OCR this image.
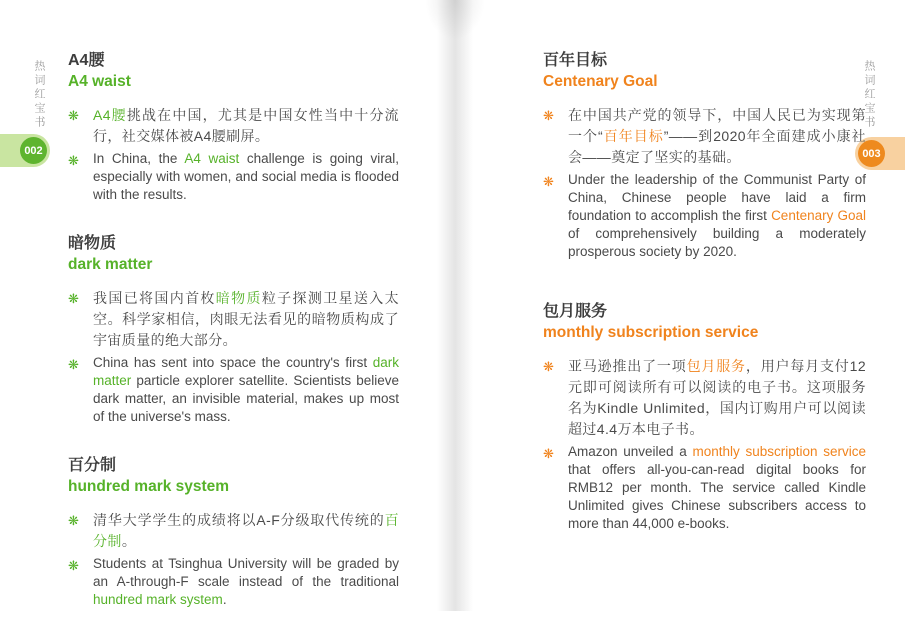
热词红宝书	热词红宝书
002	003
A4腰
A4 waist
❋	A4腰挑战在中国，尤其是中国女性当中十分流行，社交媒体被A4腰刷屏。

❋	In China, the A4 waist challenge is going viral, especially with women, and social media is flooded with the results.

暗物质
dark matter
❋	我国已将国内首枚暗物质粒子探测卫星送入太空。科学家相信，肉眼无法看见的暗物质构成了宇宙质量的绝大部分。

❋	China has sent into space the country's first dark matter particle explorer satellite. Scientists believe dark matter, an invisible material, makes up most of the universe's mass.

百分制
hundred mark system
❋	清华大学学生的成绩将以A-F分级取代传统的百分制。

❋	Students at Tsinghua University will be graded by an A-through-F scale instead of the traditional hundred mark system.

百年目标
Centenary Goal
❋	在中国共产党的领导下，中国人民已为实现第一个“百年目标”——到2020年全面建成小康社会——奠定了坚实的基础。

❋	Under the leadership of the Communist Party of China, Chinese people have laid a firm foundation to accomplish the first Centenary Goal of comprehensively building a moderately prosperous society by 2020.

包月服务
monthly subscription service
❋	亚马逊推出了一项包月服务，用户每月支付12元即可阅读所有可以阅读的电子书。这项服务名为Kindle Unlimited，国内订购用户可以阅读超过4.4万本电子书。

❋	Amazon unveiled a monthly subscription service that offers all-you-can-read digital books for RMB12 per month. The service called Kindle Unlimited gives Chinese subscribers access to more than 44,000 e-books.
